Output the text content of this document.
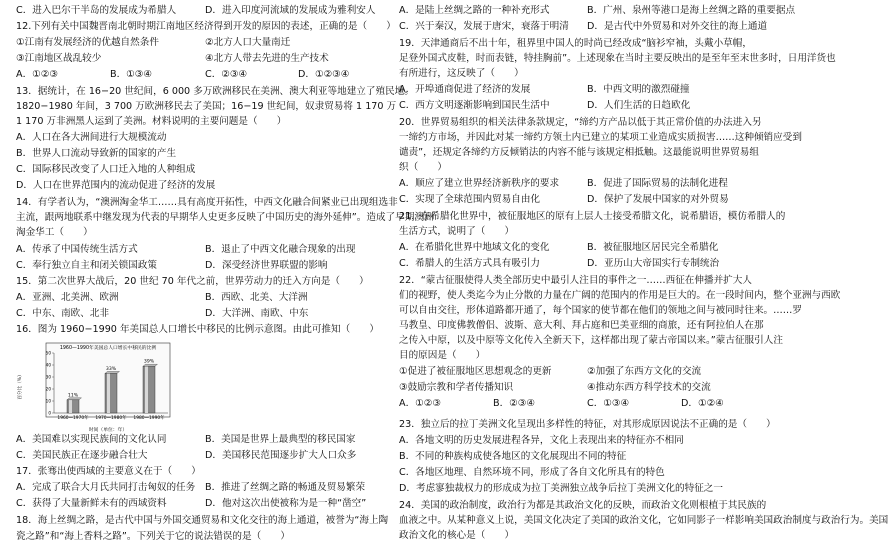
C．进入巴尔干半岛的发展成为希腊人	D．进入印度河流域的发展成为雅利安人
12.下列有关中国魏晋南北朝时期江南地区经济得到开发的原因的表述，正确的是（　　）
①江南有发展经济的优越自然条件	②北方人口大量南迁
③江南地区战乱较少	④北方人带去先进的生产技术
A．①②③	B．①③④	C．②③④	D．①②③④
13．据统计，在 16−20 世纪间，6 000 多万欧洲移民在美洲、澳大利亚等地建立了殖民地。
1820−1980 年间，3 700 万欧洲移民去了美国；16−19 世纪间，奴隶贸易将 1 170 万
1 170 万非洲黑人运到了美洲。材料说明的主要问题是（　　）
A．人口在各大洲间进行大规模流动
B．世界人口流动导致新的国家的产生
C．国际移民改变了人口迁入地的人种组成
D．人口在世界范围内的流动促进了经济的发展
14．有学者认为，“澳洲淘金华工……具有高度开拓性，中西文化融合间紧业已出现组选非
主流，跟两地联系中继发现为代表的早期华人史更多反映了中国历史的海外延伸”。造成了早期澳洲
淘金华工（　　）
A．传承了中国传统生活方式	B．退止了中西文化融合现象的出现
C．奉行独立自主和闭关锁国政策	D．深受经济世界联盟的影响
15．第二次世界大战后，20 世纪 70 年代之前，世界劳动力的迁入方向是（　　）
A．亚洲、北美洲、欧洲	B．西欧、北美、大洋洲
C．中东、南欧、北非	D．大洋洲、南欧、中东
16．图为 1960−1990 年美国总人口增长中移民的比例示意图。由此可推知（　　）
1960—1990年美国总人口增长中移民的比例
0
10
20
30
40
50
11%
1960—1970年
33%
1970—1980年
39%
1980—1990年
百分比（%）
时间（单位：年）
A．美国难以实现民族间的文化认同	B．美国是世界上最典型的移民国家
C．美国民族正在逐步融合壮大	D．美国移民范围逐步扩大人口众多
17．张骞出使西域的主要意义在于（　　）
A．完成了联合大月氏共同打击匈奴的任务 B．推进了丝绸之路的畅通及贸易繁荣
C．获得了大量新鲜未有的西域资料	D．他对这次出使被称为是一种“凿空”
18．海上丝绸之路，是古代中国与外国交通贸易和文化交往的海上通道，被誉为“海上陶
瓷之路”和“海上香料之路”。下列关于它的说法错误的是（　　）
A．是陆上丝绸之路的一种补充形式	B．广州、泉州等港口是海上丝绸之路的重要据点
C．兴于秦汉，发展于唐宋，衰落于明清 D．是古代中外贸易和对外交往的海上通道
19．天津通商后不出十年，租界里中国人的时尚已经改成“脑衫窄袖，头戴小草帽，
足登外国式皮鞋，时而表链，特挂胸前”。上述现象在当时主要反映出的是至年至末世多时，日用洋货也
有所进行，这反映了（　　）
A．开埠通商促进了经济的发展	B．中西文明的激烈碰撞
C．西方文明逐渐影响到国民生活中	D．人们生活的日趋欧化
20．世界贸易组织的相关法律条款规定，“缔约方产品以低于其正常价值的办法进入另
一缔约方市场，并因此对某一缔约方领土内已建立的某项工业造成实质损害……这种倾销应受到
谴责”，还规定各缔约方反倾销法的内容不能与该规定相抵触。这最能说明世界贸易组
织（　　）
A．顺应了建立世界经济新秩序的要求	B．促进了国际贸易的法制化进程
C．实现了全球范围内贸易自由化	D．保护了发展中国家的对外贸易
21．在希腊化世界中，被征服地区的原有上层人士接受希腊文化，说希腊语，模仿希腊人的
生活方式，说明了（　　）
A．在希腊化世界中地域文化的变化	B．被征服地区居民完全希腊化
C．希腊人的生活方式具有吸引力	D．亚历山大帝国实行专制统治
22．“蒙古征服使得人类全部历史中最引人注目的事件之一……西征在伸播并扩大人
们的视野，使人类迄今为止分散的力量在广阔的范围内的作用是巨大的。在一段时间内，整个亚洲与西欧
可以自由交往，形体道路都开通了，每个国家的使节都在他们的领地之间与被同时往来。……罗
马教皇、印度佛教僧侣、波斯、意大利、拜占庭和巴美亚细的商旅，还有阿拉伯人在那
之传入中原，以及中原等文化传入全新天下，这样都出现了蒙古帝国以来。”蒙古征服引人注
目的原因是（　　）
①促进了被征服地区思想观念的更新	②加强了东西方文化的交流
③鼓励宗教和学者传播知识	④推动东西方科学技术的交流
A．①②③	B．②③④	C．①③④	D．①②④
23．独立后的拉丁美洲文化呈现出多样性的特征，对其形成原因说法不正确的是（　　）
A．各地文明的历史发展进程各异，文化上表现出来的特征亦不相同
B．不同的种族构成使各地区的文化展现出不同的特征
C．各地区地理、自然环境不同，形成了各自文化所具有的特色
D．考虑寥独裁权力的形成成为拉丁美洲独立战争后拉丁美洲文化的特征之一
24．美国的政治制度，政治行为都是其政治文化的反映，而政治文化则根植于其民族的
血液之中。从某种意义上说，美国文化决定了美国的政治文化，它如同影子一样影响美国政治制度与政治行为。美国
政治文化的核心是（　　）
